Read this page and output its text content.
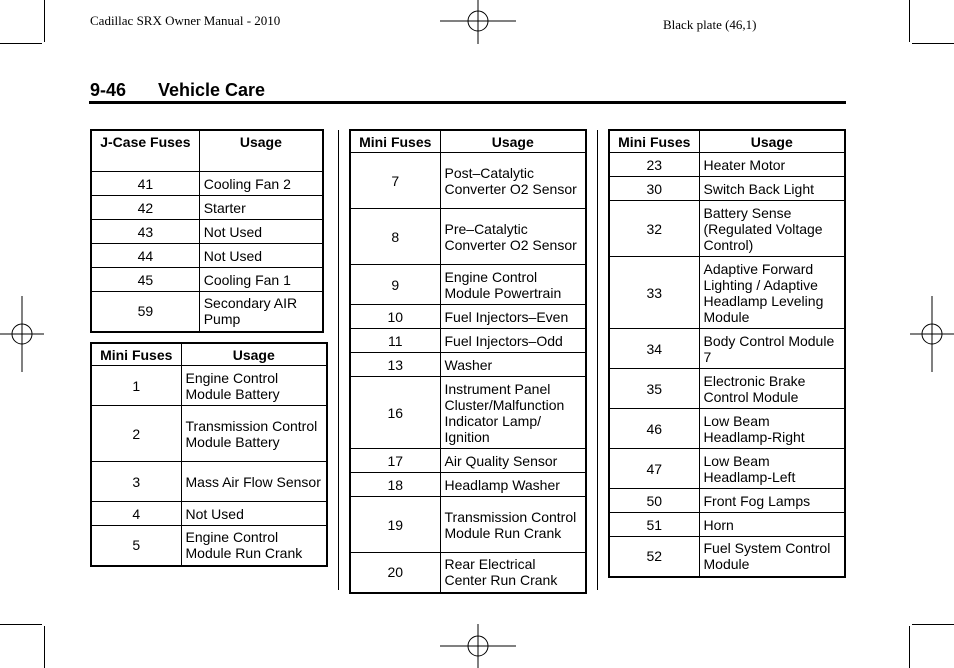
Cadillac SRX Owner Manual - 2010	Black plate (46,1)
9-46 Vehicle Care
J-Case Fuses	Usage
41	Cooling Fan 2
42	Starter
43	Not Used
44	Not Used
45	Cooling Fan 1
59	Secondary AIR Pump
Mini Fuses	Usage
1	Engine Control Module Battery
2	Transmission Control Module Battery
3	Mass Air Flow Sensor
4	Not Used
5	Engine Control Module Run Crank
Mini Fuses	Usage
7	Post–Catalytic Converter O2 Sensor
8	Pre–Catalytic Converter O2 Sensor
9	Engine Control Module Powertrain
10	Fuel Injectors–Even
11	Fuel Injectors–Odd
13	Washer
16	Instrument Panel Cluster/Malfunction Indicator Lamp/ Ignition
17	Air Quality Sensor
18	Headlamp Washer
19	Transmission Control Module Run Crank
20	Rear Electrical Center Run Crank
Mini Fuses	Usage
23	Heater Motor
30	Switch Back Light
32	Battery Sense (Regulated Voltage Control)
33	Adaptive Forward Lighting / Adaptive Headlamp Leveling Module
34	Body Control Module 7
35	Electronic Brake Control Module
46	Low Beam Headlamp-Right
47	Low Beam Headlamp-Left
50	Front Fog Lamps
51	Horn
52	Fuel System Control Module
